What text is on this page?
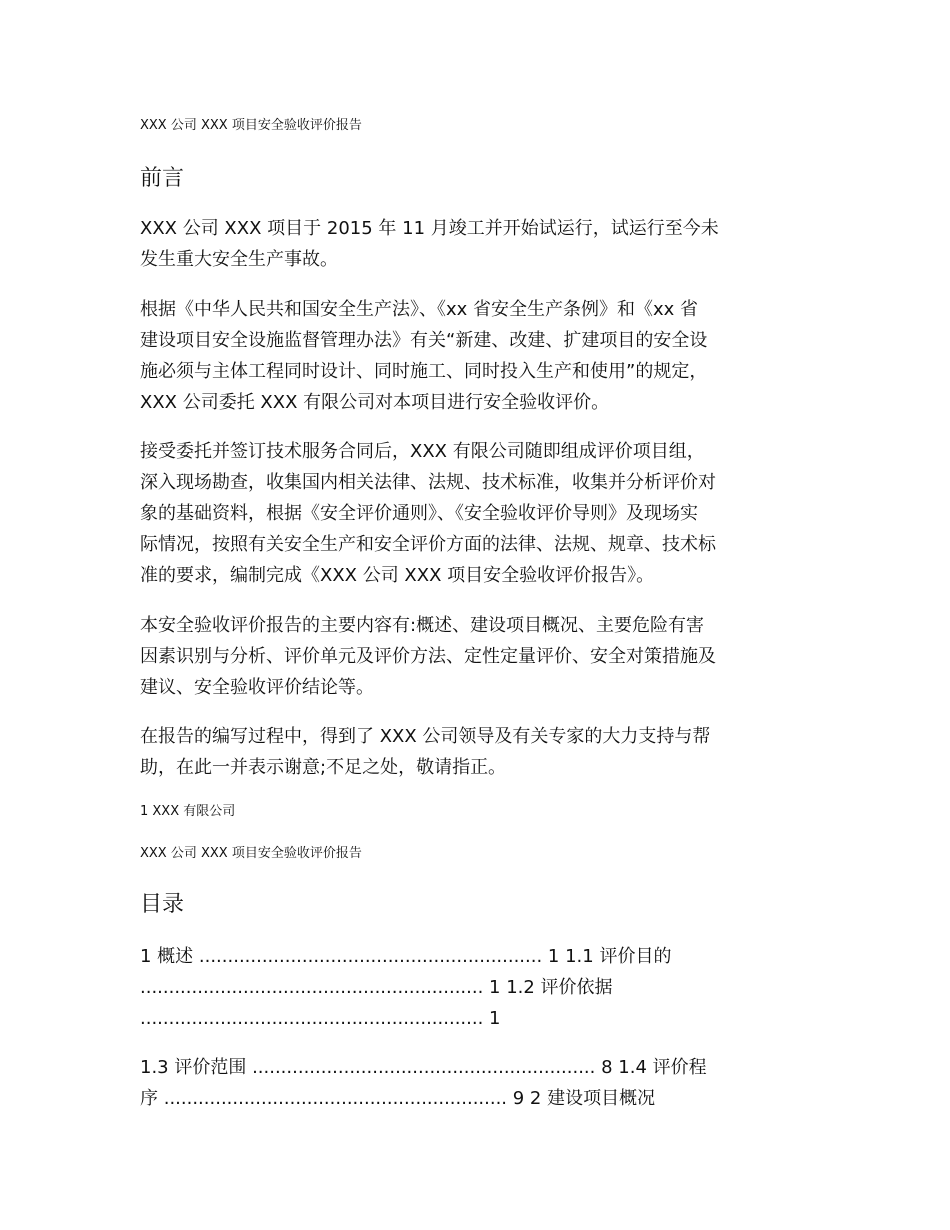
XXX 公司 XXX 项目安全验收评价报告
前言
XXX 公司 XXX 项目于 2015 年 11 月竣工并开始试运行，试运行至今未
发生重大安全生产事故。
根据《中华人民共和国安全生产法》、《xx 省安全生产条例》和《xx 省
建设项目安全设施监督管理办法》有关“新建、改建、扩建项目的安全设
施必须与主体工程同时设计、同时施工、同时投入生产和使用”的规定，
XXX 公司委托 XXX 有限公司对本项目进行安全验收评价。
接受委托并签订技术服务合同后，XXX 有限公司随即组成评价项目组，
深入现场勘查，收集国内相关法律、法规、技术标准，收集并分析评价对
象的基础资料，根据《安全评价通则》、《安全验收评价导则》及现场实
际情况，按照有关安全生产和安全评价方面的法律、法规、规章、技术标
准的要求，编制完成《XXX 公司 XXX 项目安全验收评价报告》。
本安全验收评价报告的主要内容有:概述、建设项目概况、主要危险有害
因素识别与分析、评价单元及评价方法、定性定量评价、安全对策措施及
建议、安全验收评价结论等。
在报告的编写过程中，得到了 XXX 公司领导及有关专家的大力支持与帮
助，在此一并表示谢意;不足之处，敬请指正。
1 XXX 有限公司
XXX 公司 XXX 项目安全验收评价报告
目录
1 概述 ............................................................ 1 1.1 评价目的
............................................................ 1 1.2 评价依据
............................................................ 1
1.3 评价范围 ............................................................ 8 1.4 评价程
序 ............................................................ 9 2 建设项目概况
